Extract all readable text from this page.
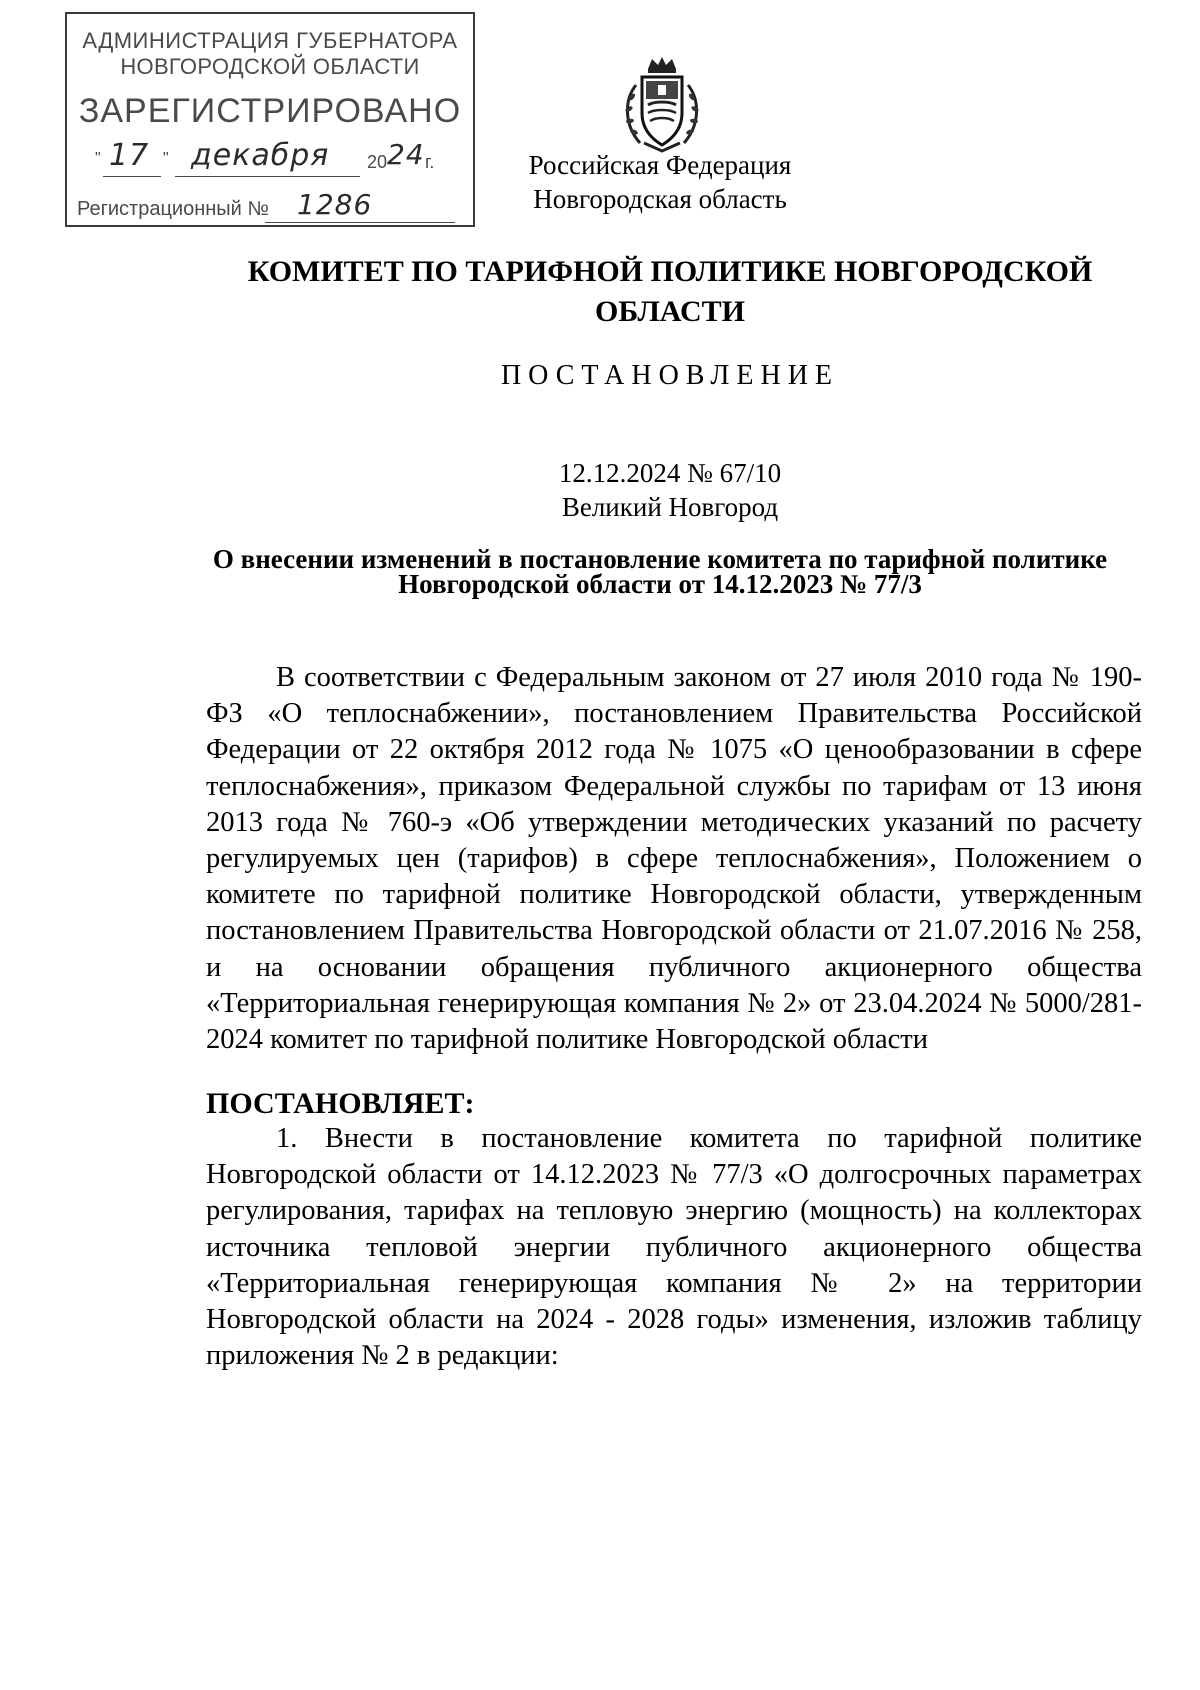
АДМИНИСТРАЦИЯ ГУБЕРНАТОРА
НОВГОРОДСКОЙ ОБЛАСТИ
ЗАРЕГИСТРИРОВАНО
" 17 " декабря 20 24 г.
Регистрационный № 1286
Российская Федерация
Новгородская область
КОМИТЕТ ПО ТАРИФНОЙ ПОЛИТИКЕ НОВГОРОДСКОЙ ОБЛАСТИ
ПОСТАНОВЛЕНИЕ
12.12.2024 № 67/10
Великий Новгород
О внесении изменений в постановление комитета по тарифной политике Новгородской области от 14.12.2023 № 77/3
В соответствии с Федеральным законом от 27 июля 2010 года № 190-ФЗ «О теплоснабжении», постановлением Правительства Российской Федерации от 22 октября 2012 года № 1075 «О ценообразовании в сфере теплоснабжения», приказом Федеральной службы по тарифам от 13 июня 2013 года № 760-э «Об утверждении методических указаний по расчету регулируемых цен (тарифов) в сфере теплоснабжения», Положением о комитете по тарифной политике Новгородской области, утвержденным постановлением Правительства Новгородской области от 21.07.2016 № 258, и на основании обращения публичного акционерного общества «Территориальная генерирующая компания № 2» от 23.04.2024 № 5000/281-2024 комитет по тарифной политике Новгородской области
ПОСТАНОВЛЯЕТ:
1. Внести в постановление комитета по тарифной политике Новгородской области от 14.12.2023 № 77/3 «О долгосрочных параметрах регулирования, тарифах на тепловую энергию (мощность) на коллекторах источника тепловой энергии публичного акционерного общества «Территориальная генерирующая компания № 2» на территории Новгородской области на 2024 - 2028 годы» изменения, изложив таблицу приложения № 2 в редакции:
